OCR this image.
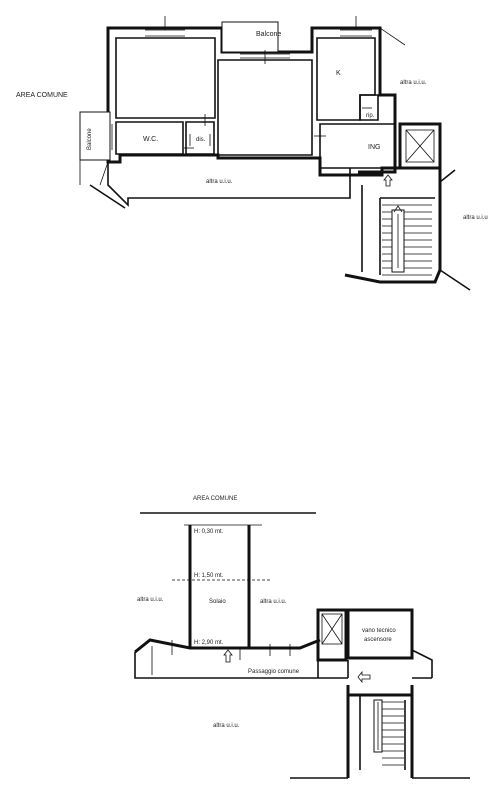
AREA COMUNE
Balcone
Balcone
K
rip.
W.C.	dis.
ING
altra u.i.u.
altra u.i.u.
altra u.i.u
AREA COMUNE
H: 0,30 mt.
H: 1,50 mt.
H: 2,90 mt.
Solaio
altra u.i.u.	altra u.i.u.
altra u.i.u.
vano tecnico
ascensore
Passaggio comune
